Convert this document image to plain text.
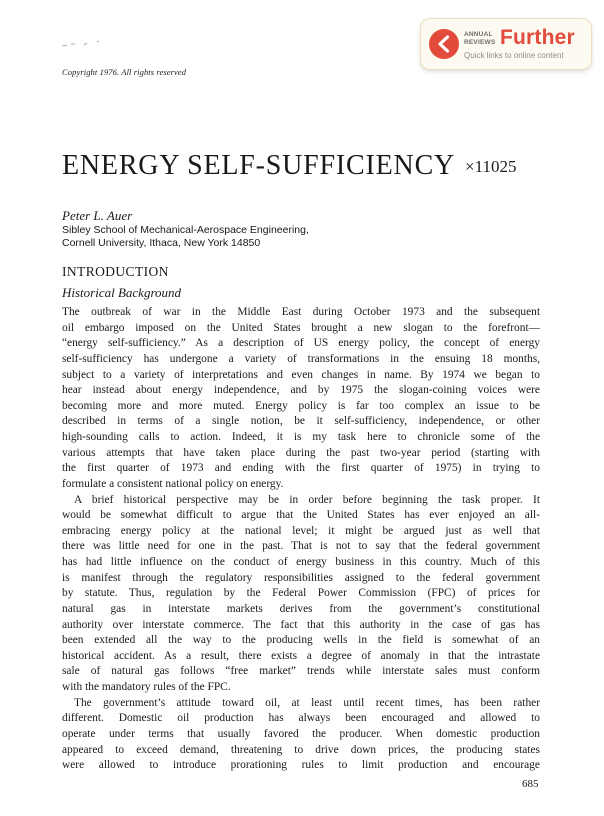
Copyright 1976. All rights reserved
ANNUAL
REVIEWS Further
Quick links to online content
ENERGY SELF-SUFFICIENCY ×11025
Peter L. Auer
Sibley School of Mechanical-Aerospace Engineering,
Cornell University, Ithaca, New York 14850
INTRODUCTION
Historical Background
The outbreak of war in the Middle East during October 1973 and the subsequent
oil embargo imposed on the United States brought a new slogan to the forefront—
“energy self-sufficiency.” As a description of US energy policy, the concept of energy
self-sufficiency has undergone a variety of transformations in the ensuing 18 months,
subject to a variety of interpretations and even changes in name. By 1974 we began to
hear instead about energy independence, and by 1975 the slogan-coining voices were
becoming more and more muted. Energy policy is far too complex an issue to be
described in terms of a single notion, be it self-sufficiency, independence, or other
high-sounding calls to action. Indeed, it is my task here to chronicle some of the
various attempts that have taken place during the past two-year period (starting with
the first quarter of 1973 and ending with the first quarter of 1975) in trying to
formulate a consistent national policy on energy.
A brief historical perspective may be in order before beginning the task proper. It
would be somewhat difficult to argue that the United States has ever enjoyed an all-
embracing energy policy at the national level; it might be argued just as well that
there was little need for one in the past. That is not to say that the federal government
has had little influence on the conduct of energy business in this country. Much of this
is manifest through the regulatory responsibilities assigned to the federal government
by statute. Thus, regulation by the Federal Power Commission (FPC) of prices for
natural gas in interstate markets derives from the government’s constitutional
authority over interstate commerce. The fact that this authority in the case of gas has
been extended all the way to the producing wells in the field is somewhat of an
historical accident. As a result, there exists a degree of anomaly in that the intrastate
sale of natural gas follows “free market” trends while interstate sales must conform
with the mandatory rules of the FPC.
The government’s attitude toward oil, at least until recent times, has been rather
different. Domestic oil production has always been encouraged and allowed to
operate under terms that usually favored the producer. When domestic production
appeared to exceed demand, threatening to drive down prices, the producing states
were allowed to introduce prorationing rules to limit production and encourage
685
